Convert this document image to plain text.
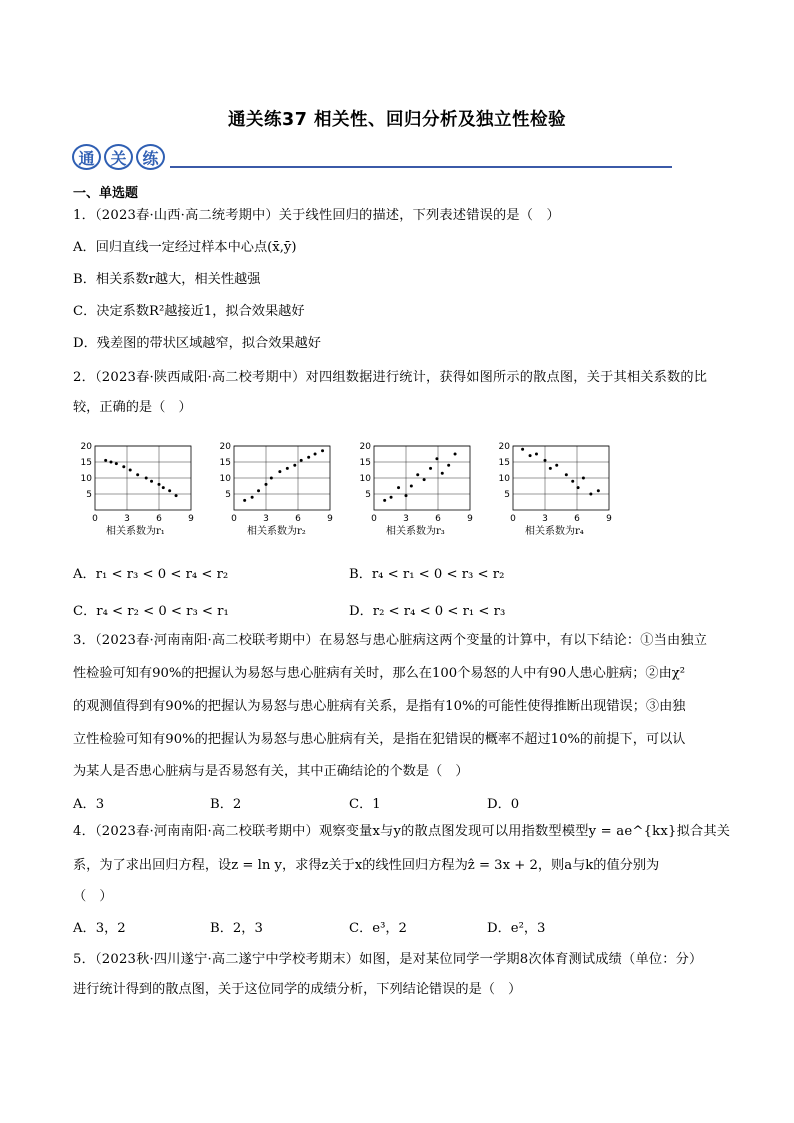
通关练37 相关性、回归分析及独立性检验
通 关 练
一、单选题
1．（2023春·山西·高二统考期中）关于线性回归的描述，下列表述错误的是（　）
A．回归直线一定经过样本中心点(x̄,ȳ)
B．相关系数r越大，相关性越强
C．决定系数R²越接近1，拟合效果越好
D．残差图的带状区域越窄，拟合效果越好
2．（2023春·陕西咸阳·高二校考期中）对四组数据进行统计，获得如图所示的散点图，关于其相关系数的比
较，正确的是（　）
5
10
15
20
0	3	6	9
5
10
15
20
0	3	6	9
5
10
15
20
0	3	6	9
5
10
15
20
0	3	6	9
相关系数为r₁	相关系数为r₂	相关系数为r₃	相关系数为r₄
A．r₁ < r₃ < 0 < r₄ < r₂	B．r₄ < r₁ < 0 < r₃ < r₂
C．r₄ < r₂ < 0 < r₃ < r₁	D．r₂ < r₄ < 0 < r₁ < r₃
3．（2023春·河南南阳·高二校联考期中）在易怒与患心脏病这两个变量的计算中，有以下结论：①当由独立
性检验可知有90%的把握认为易怒与患心脏病有关时，那么在100个易怒的人中有90人患心脏病；②由χ²
的观测值得到有90%的把握认为易怒与患心脏病有关系，是指有10%的可能性使得推断出现错误；③由独
立性检验可知有90%的把握认为易怒与患心脏病有关，是指在犯错误的概率不超过10%的前提下，可以认
为某人是否患心脏病与是否易怒有关，其中正确结论的个数是（　）
A．3	B．2	C．1	D．0
4．（2023春·河南南阳·高二校联考期中）观察变量x与y的散点图发现可以用指数型模型y = ae^{kx}拟合其关
系，为了求出回归方程，设z = ln y，求得z关于x的线性回归方程为ẑ = 3x + 2，则a与k的值分别为
（　）
A．3，2	B．2，3	C．e³，2	D．e²，3
5．（2023秋·四川遂宁·高二遂宁中学校考期末）如图，是对某位同学一学期8次体育测试成绩（单位：分）
进行统计得到的散点图，关于这位同学的成绩分析，下列结论错误的是（　）
